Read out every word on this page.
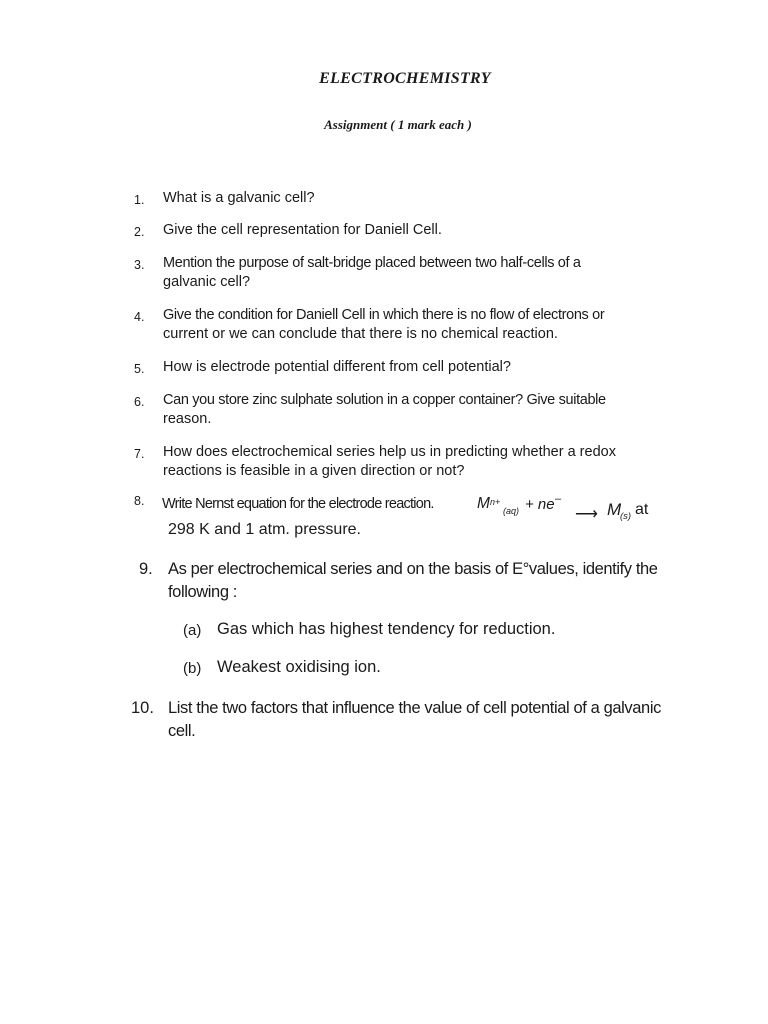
ELECTROCHEMISTRY
Assignment ( 1 mark each )
1. What is a galvanic cell?
2. Give the cell representation for Daniell Cell.
3. Mention the purpose of salt-bridge placed between two half-cells of a
galvanic cell?
4. Give the condition for Daniell Cell in which there is no flow of electrons or
current or we can conclude that there is no chemical reaction.
5. How is electrode potential different from cell potential?
6. Can you store zinc sulphate solution in a copper container? Give suitable
reason.
7. How does electrochemical series help us in predicting whether a redox
reactions is feasible in a given direction or not?
8. Write Nernst equation for the electrode reaction.	M n+
(aq) + ne –
⟶ M
(s) at
298 K and 1 atm. pressure.
9. As per electrochemical series and on the basis of E°values, identify the
following :
(a) Gas which has highest tendency for reduction.
(b) Weakest oxidising ion.
10. List the two factors that influence the value of cell potential of a galvanic
cell.
